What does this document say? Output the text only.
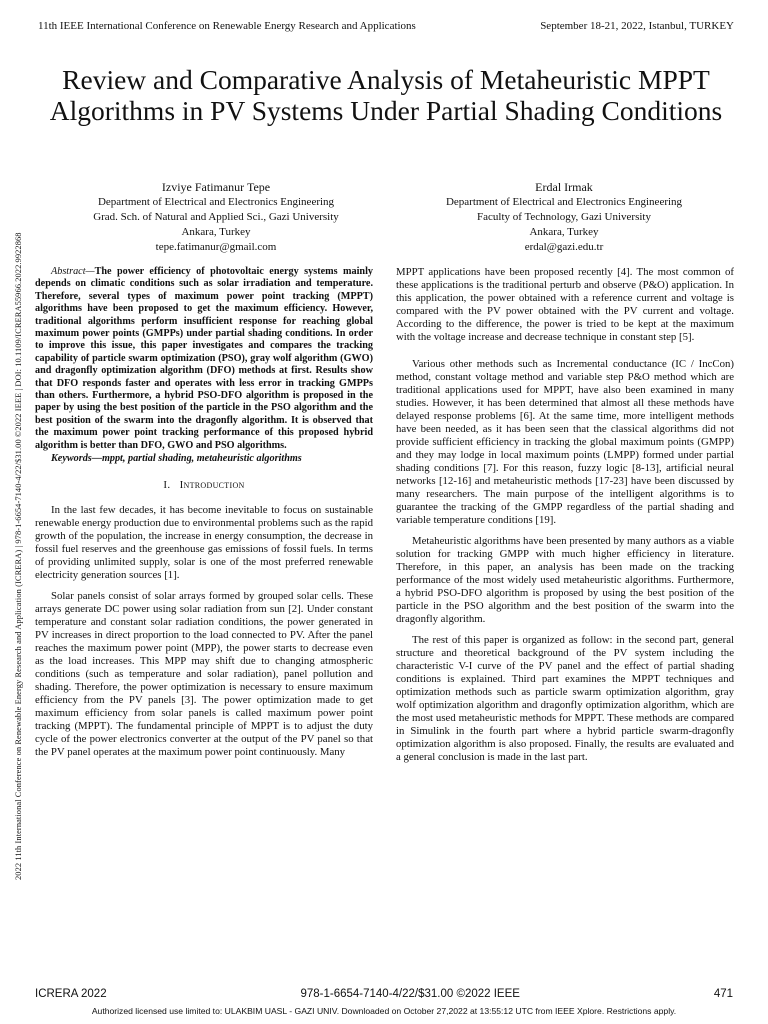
11th IEEE International Conference on Renewable Energy Research and Applications	September 18-21, 2022, Istanbul, TURKEY
2022 11th International Conference on Renewable Energy Research and Application (ICRERA) | 978-1-6654-7140-4/22/$31.00 ©2022 IEEE | DOI: 10.1109/ICRERA55966.2022.9922868
Review and Comparative Analysis of Metaheuristic MPPT Algorithms in PV Systems Under Partial Shading Conditions
Izviye Fatimanur Tepe
Department of Electrical and Electronics Engineering
Grad. Sch. of Natural and Applied Sci., Gazi University
Ankara, Turkey
tepe.fatimanur@gmail.com
Erdal Irmak
Department of Electrical and Electronics Engineering
Faculty of Technology, Gazi University
Ankara, Turkey
erdal@gazi.edu.tr

Abstract—The power efficiency of photovoltaic energy systems mainly depends on climatic conditions such as solar irradiation and temperature. Therefore, several types of maximum power point tracking (MPPT) algorithms have been proposed to get the maximum efficiency. However, traditional algorithms perform insufficient response for reaching global maximum power points (GMPPs) under partial shading conditions. In order to improve this issue, this paper investigates and compares the tracking capability of particle swarm optimization (PSO), gray wolf algorithm (GWO) and dragonfly optimization algorithm (DFO) methods at first. Results show that DFO responds faster and operates with less error in tracking GMPPs than others. Furthermore, a hybrid PSO-DFO algorithm is proposed in the paper by using the best position of the particle in the PSO algorithm and the best position of the swarm into the dragonfly algorithm. It is observed that the maximum power point tracking performance of this proposed hybrid algorithm is better than DFO, GWO and PSO algorithms.

Keywords—mppt, partial shading, metaheuristic algorithms

I. Introduction

In the last few decades, it has become inevitable to focus on sustainable renewable energy production due to environmental problems such as the rapid growth of the population, the increase in energy consumption, the decrease in fossil fuel reserves and the greenhouse gas emissions of fossil fuels. In terms of providing unlimited supply, solar is one of the most preferred renewable electricity generation sources [1].

Solar panels consist of solar arrays formed by grouped solar cells. These arrays generate DC power using solar radiation from sun [2]. Under constant temperature and constant solar radiation conditions, the power generated in PV increases in direct proportion to the load connected to PV. After the panel reaches the maximum power point (MPP), the power starts to decrease even as the load increases. This MPP may shift due to changing atmospheric conditions (such as temperature and solar radiation), panel pollution and shading. Therefore, the power optimization is necessary to ensure maximum efficiency from the PV panels [3]. The power optimization made to get maximum efficiency from solar panels is called maximum power point tracking (MPPT). The fundamental principle of MPPT is to adjust the duty cycle of the power electronics converter at the output of the PV panel so that the PV panel operates at the maximum power point continuously. Many

MPPT applications have been proposed recently [4]. The most common of these applications is the traditional perturb and observe (P&O) application. In this application, the power obtained with a reference current and voltage is compared with the PV power obtained with the PV current and voltage. According to the difference, the power is tried to be kept at the maximum with the voltage increase and decrease technique in constant step [5].

Various other methods such as Incremental conductance (IC / IncCon) method, constant voltage method and variable step P&O method which are traditional applications used for MPPT, have also been examined in many studies. However, it has been determined that almost all these methods have delayed response problems [6]. At the same time, more intelligent methods have been needed, as it has been seen that the classical algorithms did not provide sufficient efficiency in tracking the global maximum points (GMPP) and they may lodge in local maximum points (LMPP) formed under partial shading conditions [7]. For this reason, fuzzy logic [8-13], artificial neural networks [12-16] and metaheuristic methods [17-23] have been discussed by many researchers. The main purpose of the intelligent algorithms is to guarantee the tracking of the GMPP regardless of the partial shading and variable temperature conditions [19].

Metaheuristic algorithms have been presented by many authors as a viable solution for tracking GMPP with much higher efficiency in literature. Therefore, in this paper, an analysis has been made on the tracking performance of the most widely used metaheuristic algorithms. Furthermore, a hybrid PSO-DFO algorithm is proposed by using the best position of the particle in the PSO algorithm and the best position of the swarm into the dragonfly algorithm.

The rest of this paper is organized as follow: in the second part, general structure and theoretical background of the PV system including the characteristic V-I curve of the PV panel and the effect of partial shading conditions is explained. Third part examines the MPPT techniques and optimization methods such as particle swarm optimization algorithm, gray wolf optimization algorithm and dragonfly optimization algorithm, which are the most used metaheuristic methods for MPPT. These methods are compared in Simulink in the fourth part where a hybrid particle swarm-dragonfly optimization algorithm is also proposed. Finally, the results are evaluated and a general conclusion is made in the last part.

ICRERA 2022	978-1-6654-7140-4/22/$31.00 ©2022 IEEE	471
Authorized licensed use limited to: ULAKBIM UASL - GAZI UNIV. Downloaded on October 27,2022 at 13:55:12 UTC from IEEE Xplore. Restrictions apply.
